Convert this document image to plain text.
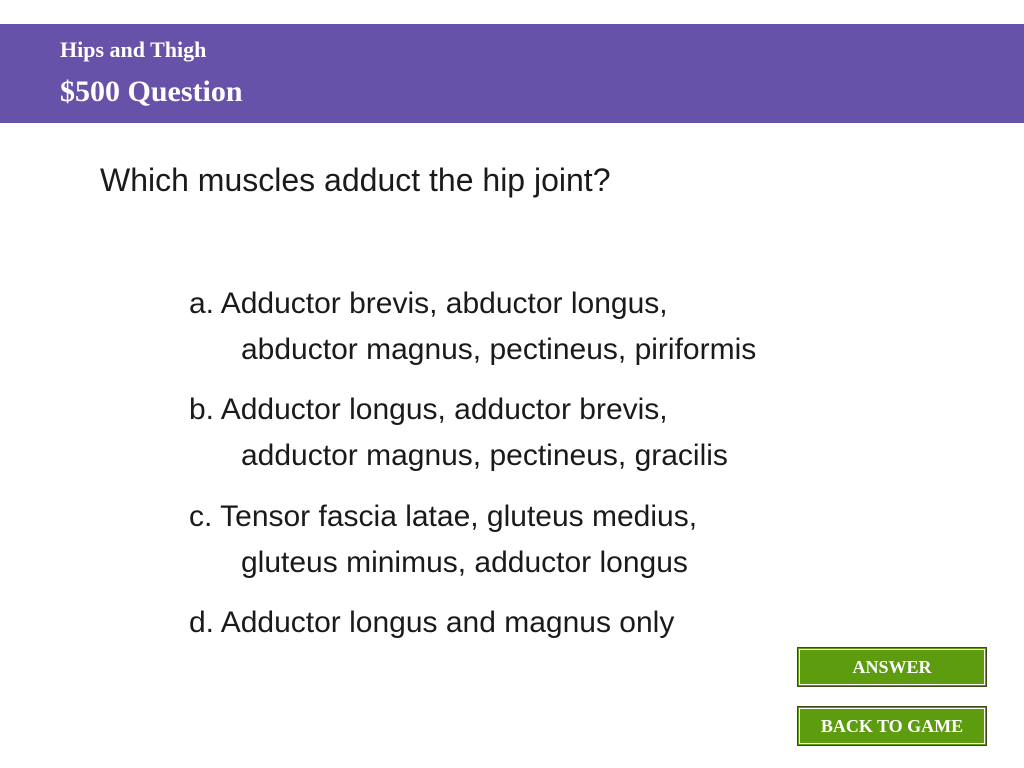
Hips and Thigh
$500 Question
Which muscles adduct the hip joint?
a. Adductor brevis, abductor longus,
abductor magnus, pectineus, piriformis
b. Adductor longus, adductor brevis,
adductor magnus, pectineus, gracilis
c. Tensor fascia latae, gluteus medius,
gluteus minimus, adductor longus
d. Adductor longus and magnus only
ANSWER
BACK TO GAME
